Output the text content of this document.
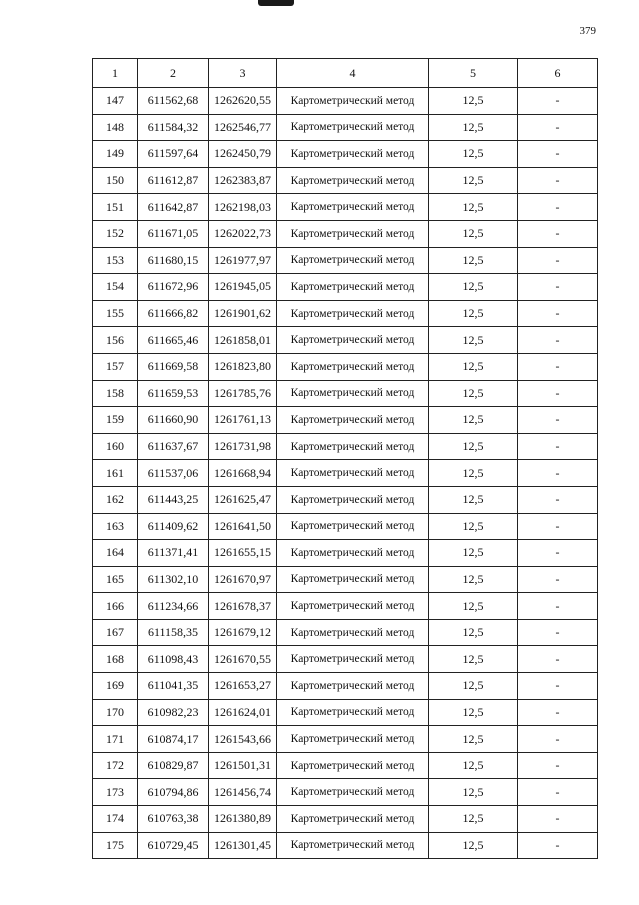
379
1	2	3	4	5	6
147	611562,68	1262620,55	Картометрический метод	12,5	-
148	611584,32	1262546,77	Картометрический метод	12,5	-
149	611597,64	1262450,79	Картометрический метод	12,5	-
150	611612,87	1262383,87	Картометрический метод	12,5	-
151	611642,87	1262198,03	Картометрический метод	12,5	-
152	611671,05	1262022,73	Картометрический метод	12,5	-
153	611680,15	1261977,97	Картометрический метод	12,5	-
154	611672,96	1261945,05	Картометрический метод	12,5	-
155	611666,82	1261901,62	Картометрический метод	12,5	-
156	611665,46	1261858,01	Картометрический метод	12,5	-
157	611669,58	1261823,80	Картометрический метод	12,5	-
158	611659,53	1261785,76	Картометрический метод	12,5	-
159	611660,90	1261761,13	Картометрический метод	12,5	-
160	611637,67	1261731,98	Картометрический метод	12,5	-
161	611537,06	1261668,94	Картометрический метод	12,5	-
162	611443,25	1261625,47	Картометрический метод	12,5	-
163	611409,62	1261641,50	Картометрический метод	12,5	-
164	611371,41	1261655,15	Картометрический метод	12,5	-
165	611302,10	1261670,97	Картометрический метод	12,5	-
166	611234,66	1261678,37	Картометрический метод	12,5	-
167	611158,35	1261679,12	Картометрический метод	12,5	-
168	611098,43	1261670,55	Картометрический метод	12,5	-
169	611041,35	1261653,27	Картометрический метод	12,5	-
170	610982,23	1261624,01	Картометрический метод	12,5	-
171	610874,17	1261543,66	Картометрический метод	12,5	-
172	610829,87	1261501,31	Картометрический метод	12,5	-
173	610794,86	1261456,74	Картометрический метод	12,5	-
174	610763,38	1261380,89	Картометрический метод	12,5	-
175	610729,45	1261301,45	Картометрический метод	12,5	-
